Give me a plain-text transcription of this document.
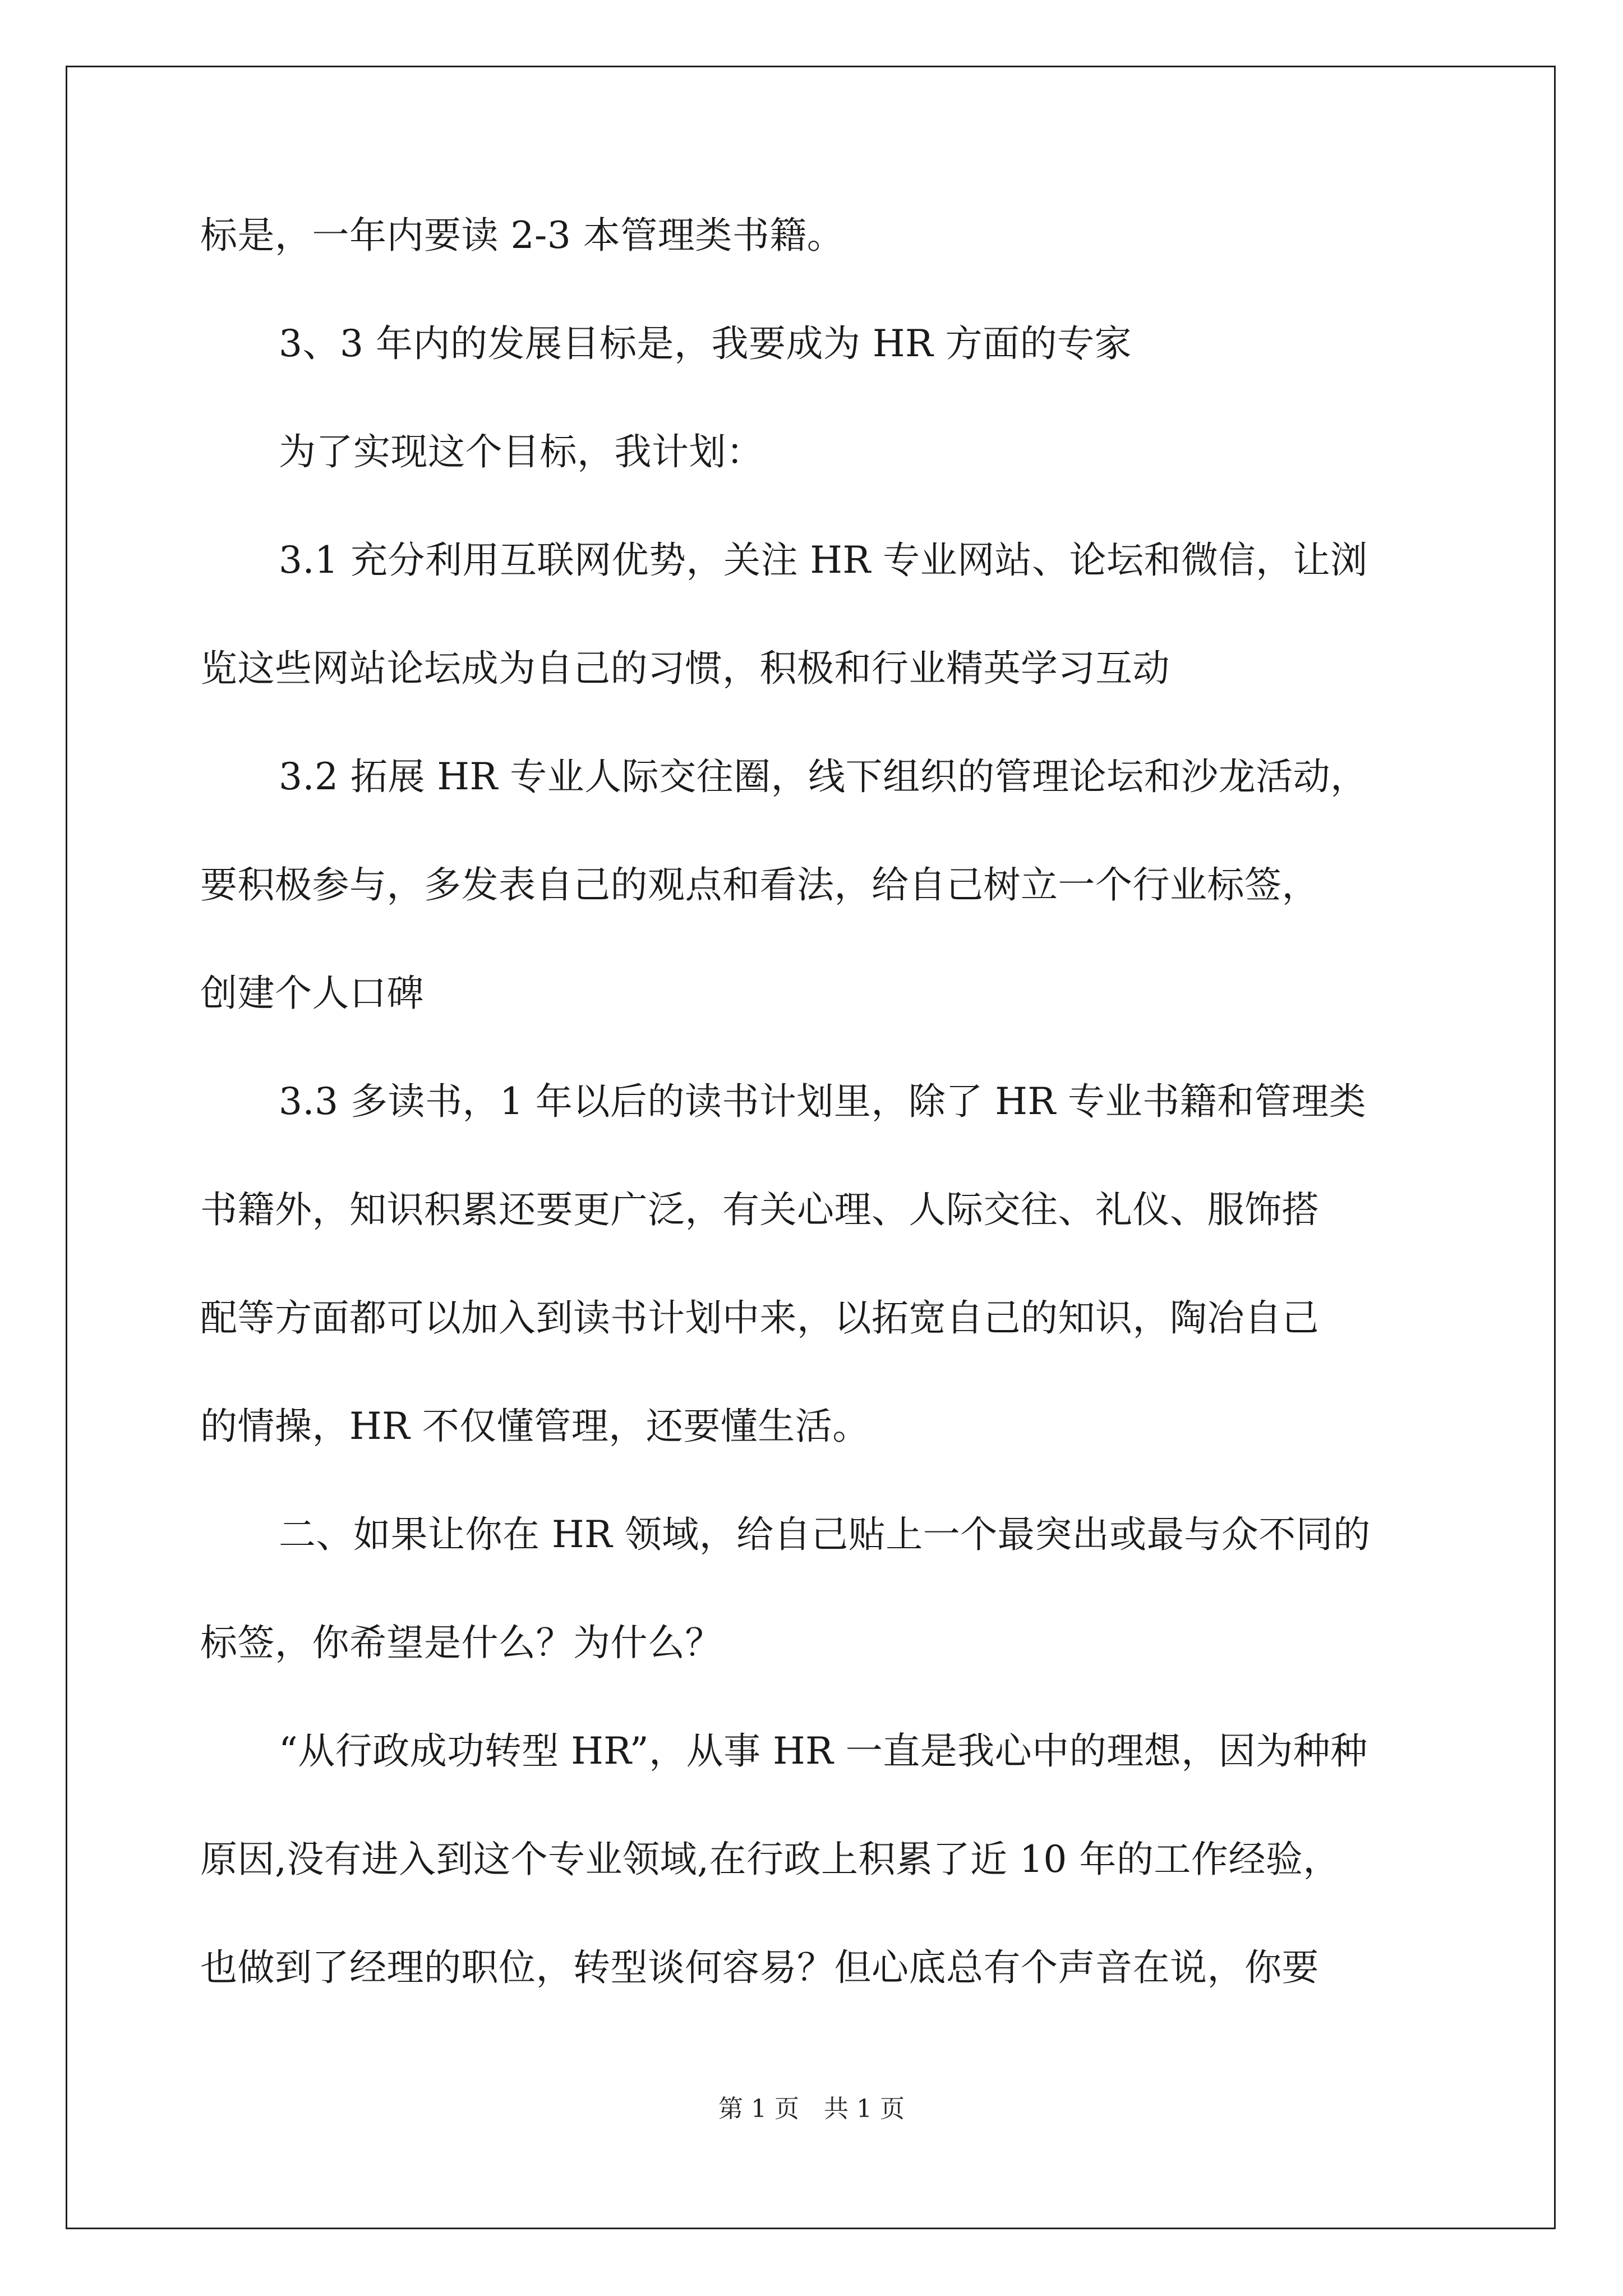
标是，一年内要读 2-3 本管理类书籍。
3、3 年内的发展目标是，我要成为 HR 方面的专家
为了实现这个目标，我计划：
3.1 充分利用互联网优势，关注 HR 专业网站、论坛和微信，让浏
览这些网站论坛成为自己的习惯，积极和行业精英学习互动
3.2 拓展 HR 专业人际交往圈，线下组织的管理论坛和沙龙活动，
要积极参与，多发表自己的观点和看法，给自己树立一个行业标签，
创建个人口碑
3.3 多读书，1 年以后的读书计划里，除了 HR 专业书籍和管理类
书籍外，知识积累还要更广泛，有关心理、人际交往、礼仪、服饰搭
配等方面都可以加入到读书计划中来，以拓宽自己的知识，陶冶自己
的情操，HR 不仅懂管理，还要懂生活。
二、如果让你在 HR 领域，给自己贴上一个最突出或最与众不同的
标签，你希望是什么？为什么？
“从行政成功转型 HR”，从事 HR 一直是我心中的理想，因为种种
原因,没有进入到这个专业领域,在行政上积累了近 10 年的工作经验，
也做到了经理的职位，转型谈何容易？但心底总有个声音在说，你要
第 1 页　共 1 页
